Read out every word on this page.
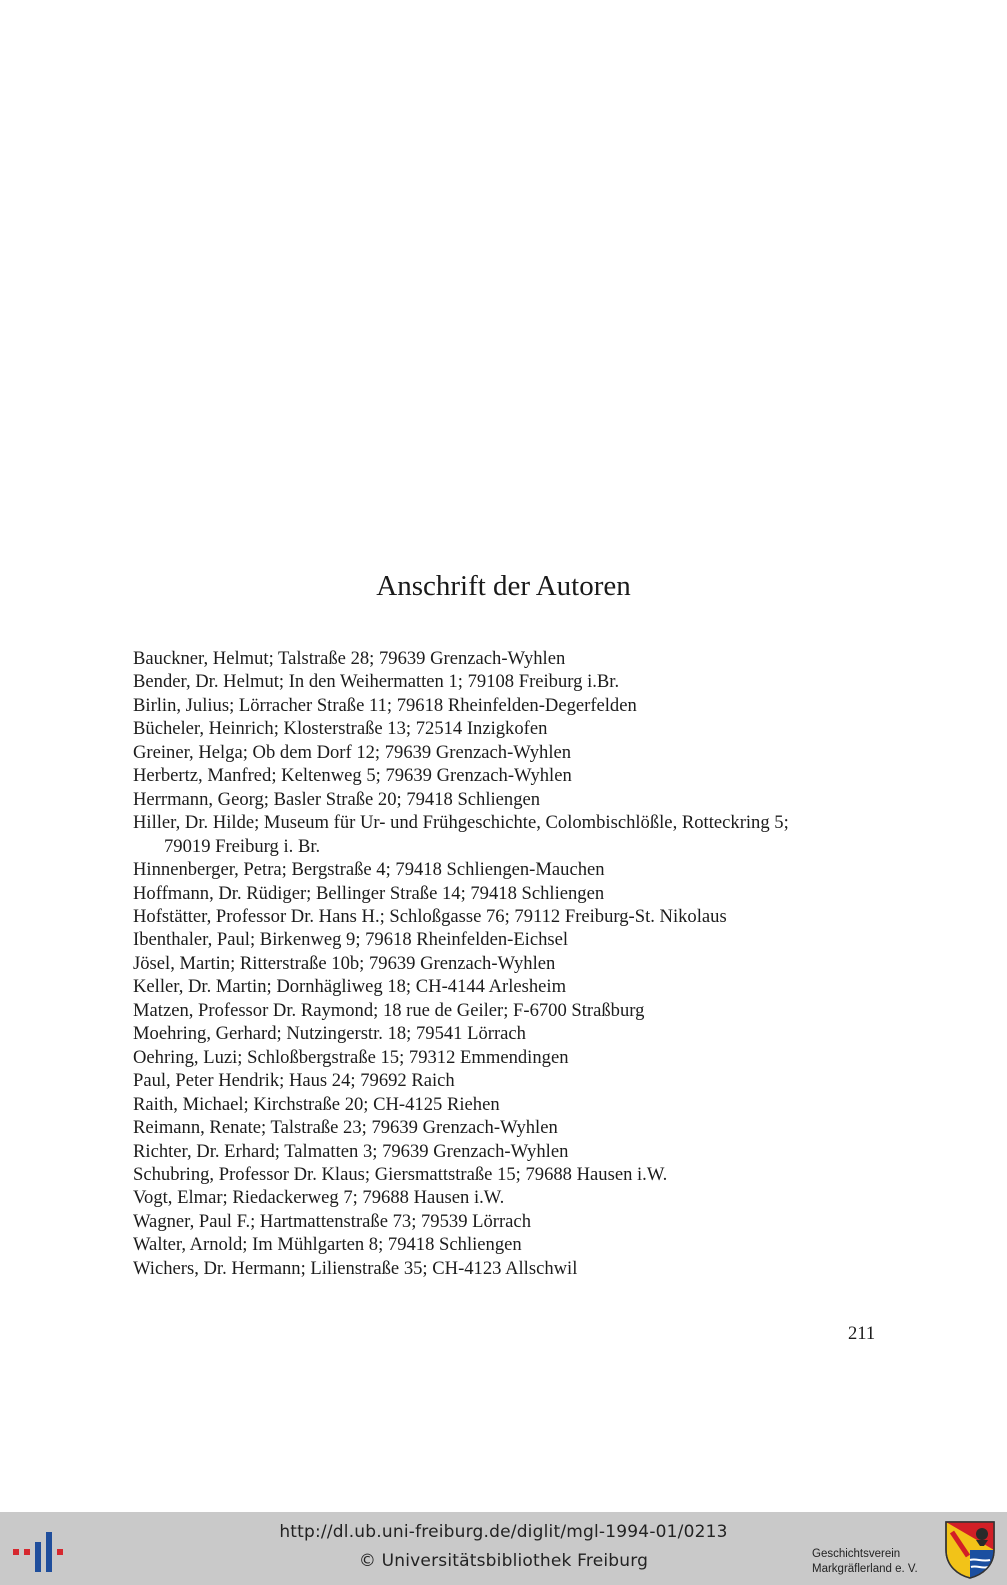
Anschrift der Autoren
Bauckner, Helmut; Talstraße 28; 79639 Grenzach-Wyhlen
Bender, Dr. Helmut; In den Weihermatten 1; 79108 Freiburg i.Br.
Birlin, Julius; Lörracher Straße 11; 79618 Rheinfelden-Degerfelden
Bücheler, Heinrich; Klosterstraße 13; 72514 Inzigkofen
Greiner, Helga; Ob dem Dorf 12; 79639 Grenzach-Wyhlen
Herbertz, Manfred; Keltenweg 5; 79639 Grenzach-Wyhlen
Herrmann, Georg; Basler Straße 20; 79418 Schliengen
Hiller, Dr. Hilde; Museum für Ur- und Frühgeschichte, Colombischlößle, Rotteckring 5;
79019 Freiburg i. Br.
Hinnenberger, Petra; Bergstraße 4; 79418 Schliengen-Mauchen
Hoffmann, Dr. Rüdiger; Bellinger Straße 14; 79418 Schliengen
Hofstätter, Professor Dr. Hans H.; Schloßgasse 76; 79112 Freiburg-St. Nikolaus
Ibenthaler, Paul; Birkenweg 9; 79618 Rheinfelden-Eichsel
Jösel, Martin; Ritterstraße 10b; 79639 Grenzach-Wyhlen
Keller, Dr. Martin; Dornhägliweg 18; CH-4144 Arlesheim
Matzen, Professor Dr. Raymond; 18 rue de Geiler; F-6700 Straßburg
Moehring, Gerhard; Nutzingerstr. 18; 79541 Lörrach
Oehring, Luzi; Schloßbergstraße 15; 79312 Emmendingen
Paul, Peter Hendrik; Haus 24; 79692 Raich
Raith, Michael; Kirchstraße 20; CH-4125 Riehen
Reimann, Renate; Talstraße 23; 79639 Grenzach-Wyhlen
Richter, Dr. Erhard; Talmatten 3; 79639 Grenzach-Wyhlen
Schubring, Professor Dr. Klaus; Giersmattstraße 15; 79688 Hausen i.W.
Vogt, Elmar; Riedackerweg 7; 79688 Hausen i.W.
Wagner, Paul F.; Hartmattenstraße 73; 79539 Lörrach
Walter, Arnold; Im Mühlgarten 8; 79418 Schliengen
Wichers, Dr. Hermann; Lilienstraße 35; CH-4123 Allschwil
211
http://dl.ub.uni-freiburg.de/diglit/mgl-1994-01/0213
© Universitätsbibliothek Freiburg	Geschichtsverein
Markgräflerland e. V.
